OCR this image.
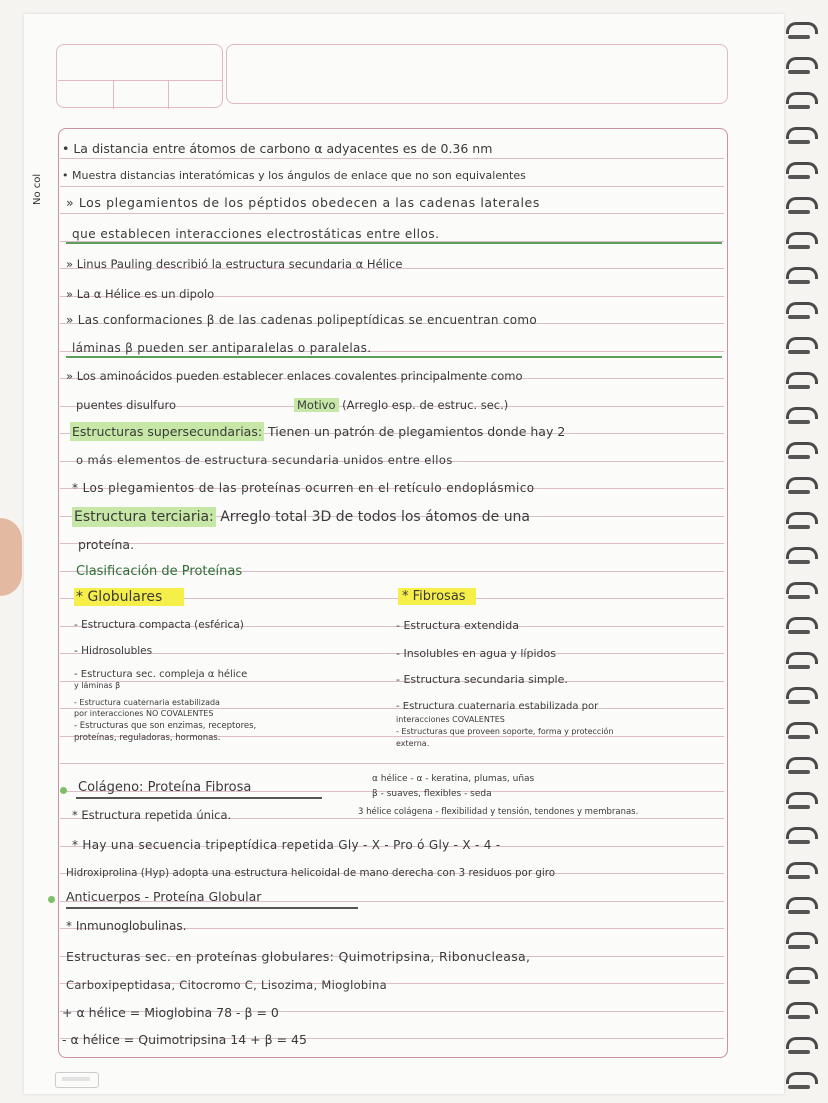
No col
• La distancia entre átomos de carbono α adyacentes es de 0.36 nm
• Muestra distancias interatómicas y los ángulos de enlace que no son equivalentes
» Los plegamientos de los péptidos obedecen a las cadenas laterales
que establecen interacciones electrostáticas entre ellos.
» Linus Pauling describió la estructura secundaria α Hélice
» La α Hélice es un dipolo
» Las conformaciones β de las cadenas polipeptídicas se encuentran como
láminas β pueden ser antiparalelas o paralelas.
» Los aminoácidos pueden establecer enlaces covalentes principalmente como
puentes disulfuro	Motivo (Arreglo esp. de estruc. sec.)
Estructuras supersecundarias: Tienen un patrón de plegamientos donde hay 2
o más elementos de estructura secundaria unidos entre ellos
* Los plegamientos de las proteínas ocurren en el retículo endoplásmico
Estructura terciaria: Arreglo total 3D de todos los átomos de una
proteína.
Clasificación de Proteínas
* Globulares
- Estructura compacta (esférica)
- Hidrosolubles
- Estructura sec. compleja α hélice
y láminas β
- Estructura cuaternaria estabilizada
por interacciones NO COVALENTES
- Estructuras que son enzimas, receptores,
proteínas, reguladoras, hormonas.
* Fibrosas
- Estructura extendida
- Insolubles en agua y lípidos
- Estructura secundaria simple.
- Estructura cuaternaria estabilizada por
interacciones COVALENTES
- Estructuras que proveen soporte, forma y protección
externa.
Colágeno: Proteína Fibrosa
α hélice - α - keratina, plumas, uñas
β - suaves, flexibles - seda
3 hélice colágena - flexibilidad y tensión, tendones y membranas.
* Estructura repetida única.
* Hay una secuencia tripeptídica repetida Gly - X - Pro ó Gly - X - 4 -
Hidroxiprolina (Hyp) adopta una estructura helicoidal de mano derecha con 3 residuos por giro
Anticuerpos - Proteína Globular
* Inmunoglobulinas.
Estructuras sec. en proteínas globulares: Quimotripsina, Ribonucleasa,
Carboxipeptidasa, Citocromo C, Lisozima, Mioglobina
+ α hélice = Mioglobina 78 - β = 0
- α hélice = Quimotripsina 14 + β = 45
